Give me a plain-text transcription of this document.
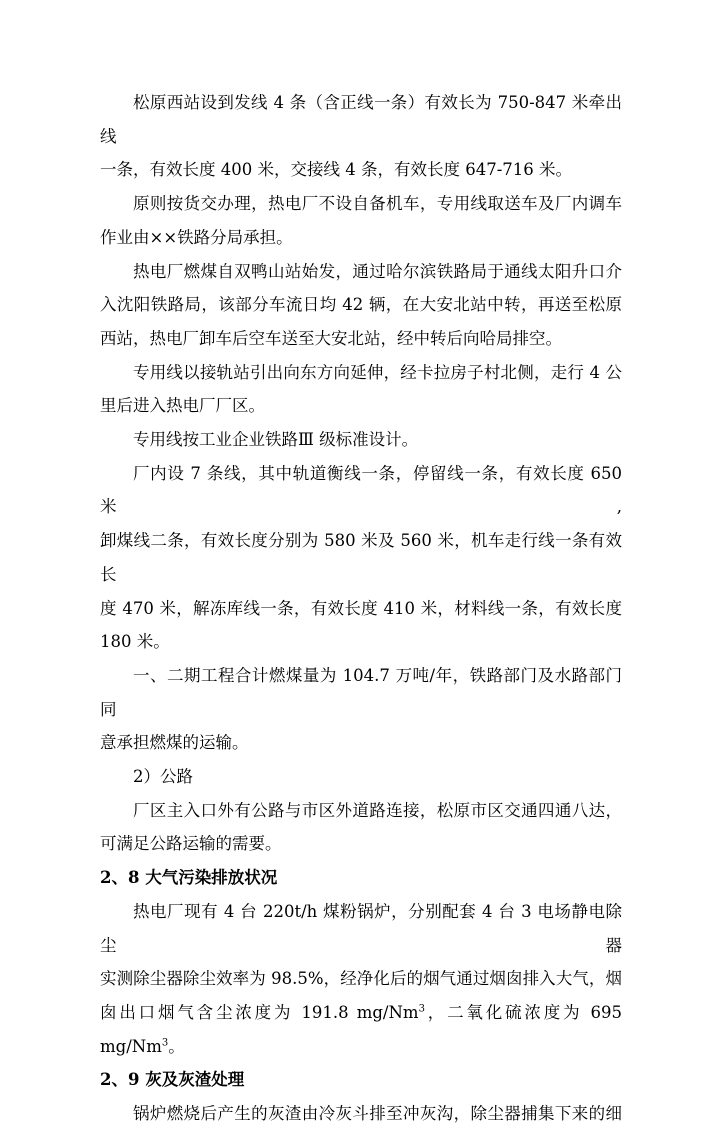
松原西站设到发线 4 条（含正线一条）有效长为 750-847 米牵出线

一条，有效长度 400 米，交接线 4 条，有效长度 647-716 米。

原则按货交办理，热电厂不设自备机车，专用线取送车及厂内调车

作业由××铁路分局承担。

热电厂燃煤自双鸭山站始发，通过哈尔滨铁路局于通线太阳升口介

入沈阳铁路局，该部分车流日均 42 辆，在大安北站中转，再送至松原

西站，热电厂卸车后空车送至大安北站，经中转后向哈局排空。

专用线以接轨站引出向东方向延伸，经卡拉房子村北侧，走行 4 公

里后进入热电厂厂区。

专用线按工业企业铁路Ⅲ 级标准设计。

厂内设 7 条线，其中轨道衡线一条，停留线一条，有效长度 650 米,

卸煤线二条，有效长度分别为 580 米及 560 米，机车走行线一条有效长

度 470 米，解冻库线一条，有效长度 410 米，材料线一条，有效长度

180 米。

一、二期工程合计燃煤量为 104.7 万吨/年，铁路部门及水路部门同

意承担燃煤的运输。

2）公路

厂区主入口外有公路与市区外道路连接，松原市区交通四通八达，

可满足公路运输的需要。

2、8 大气污染排放状况

热电厂现有 4 台 220t/h 煤粉锅炉，分别配套 4 台 3 电场静电除尘器

实测除尘器除尘效率为 98.5%，经净化后的烟气通过烟囱排入大气，烟

囱出口烟气含尘浓度为 191.8 mg/Nm$^3$，二氧化硫浓度为 695 mg/Nm$^3$。

2、9 灰及灰渣处理

锅炉燃烧后产生的灰渣由冷灰斗排至冲灰沟，除尘器捕集下来的细
